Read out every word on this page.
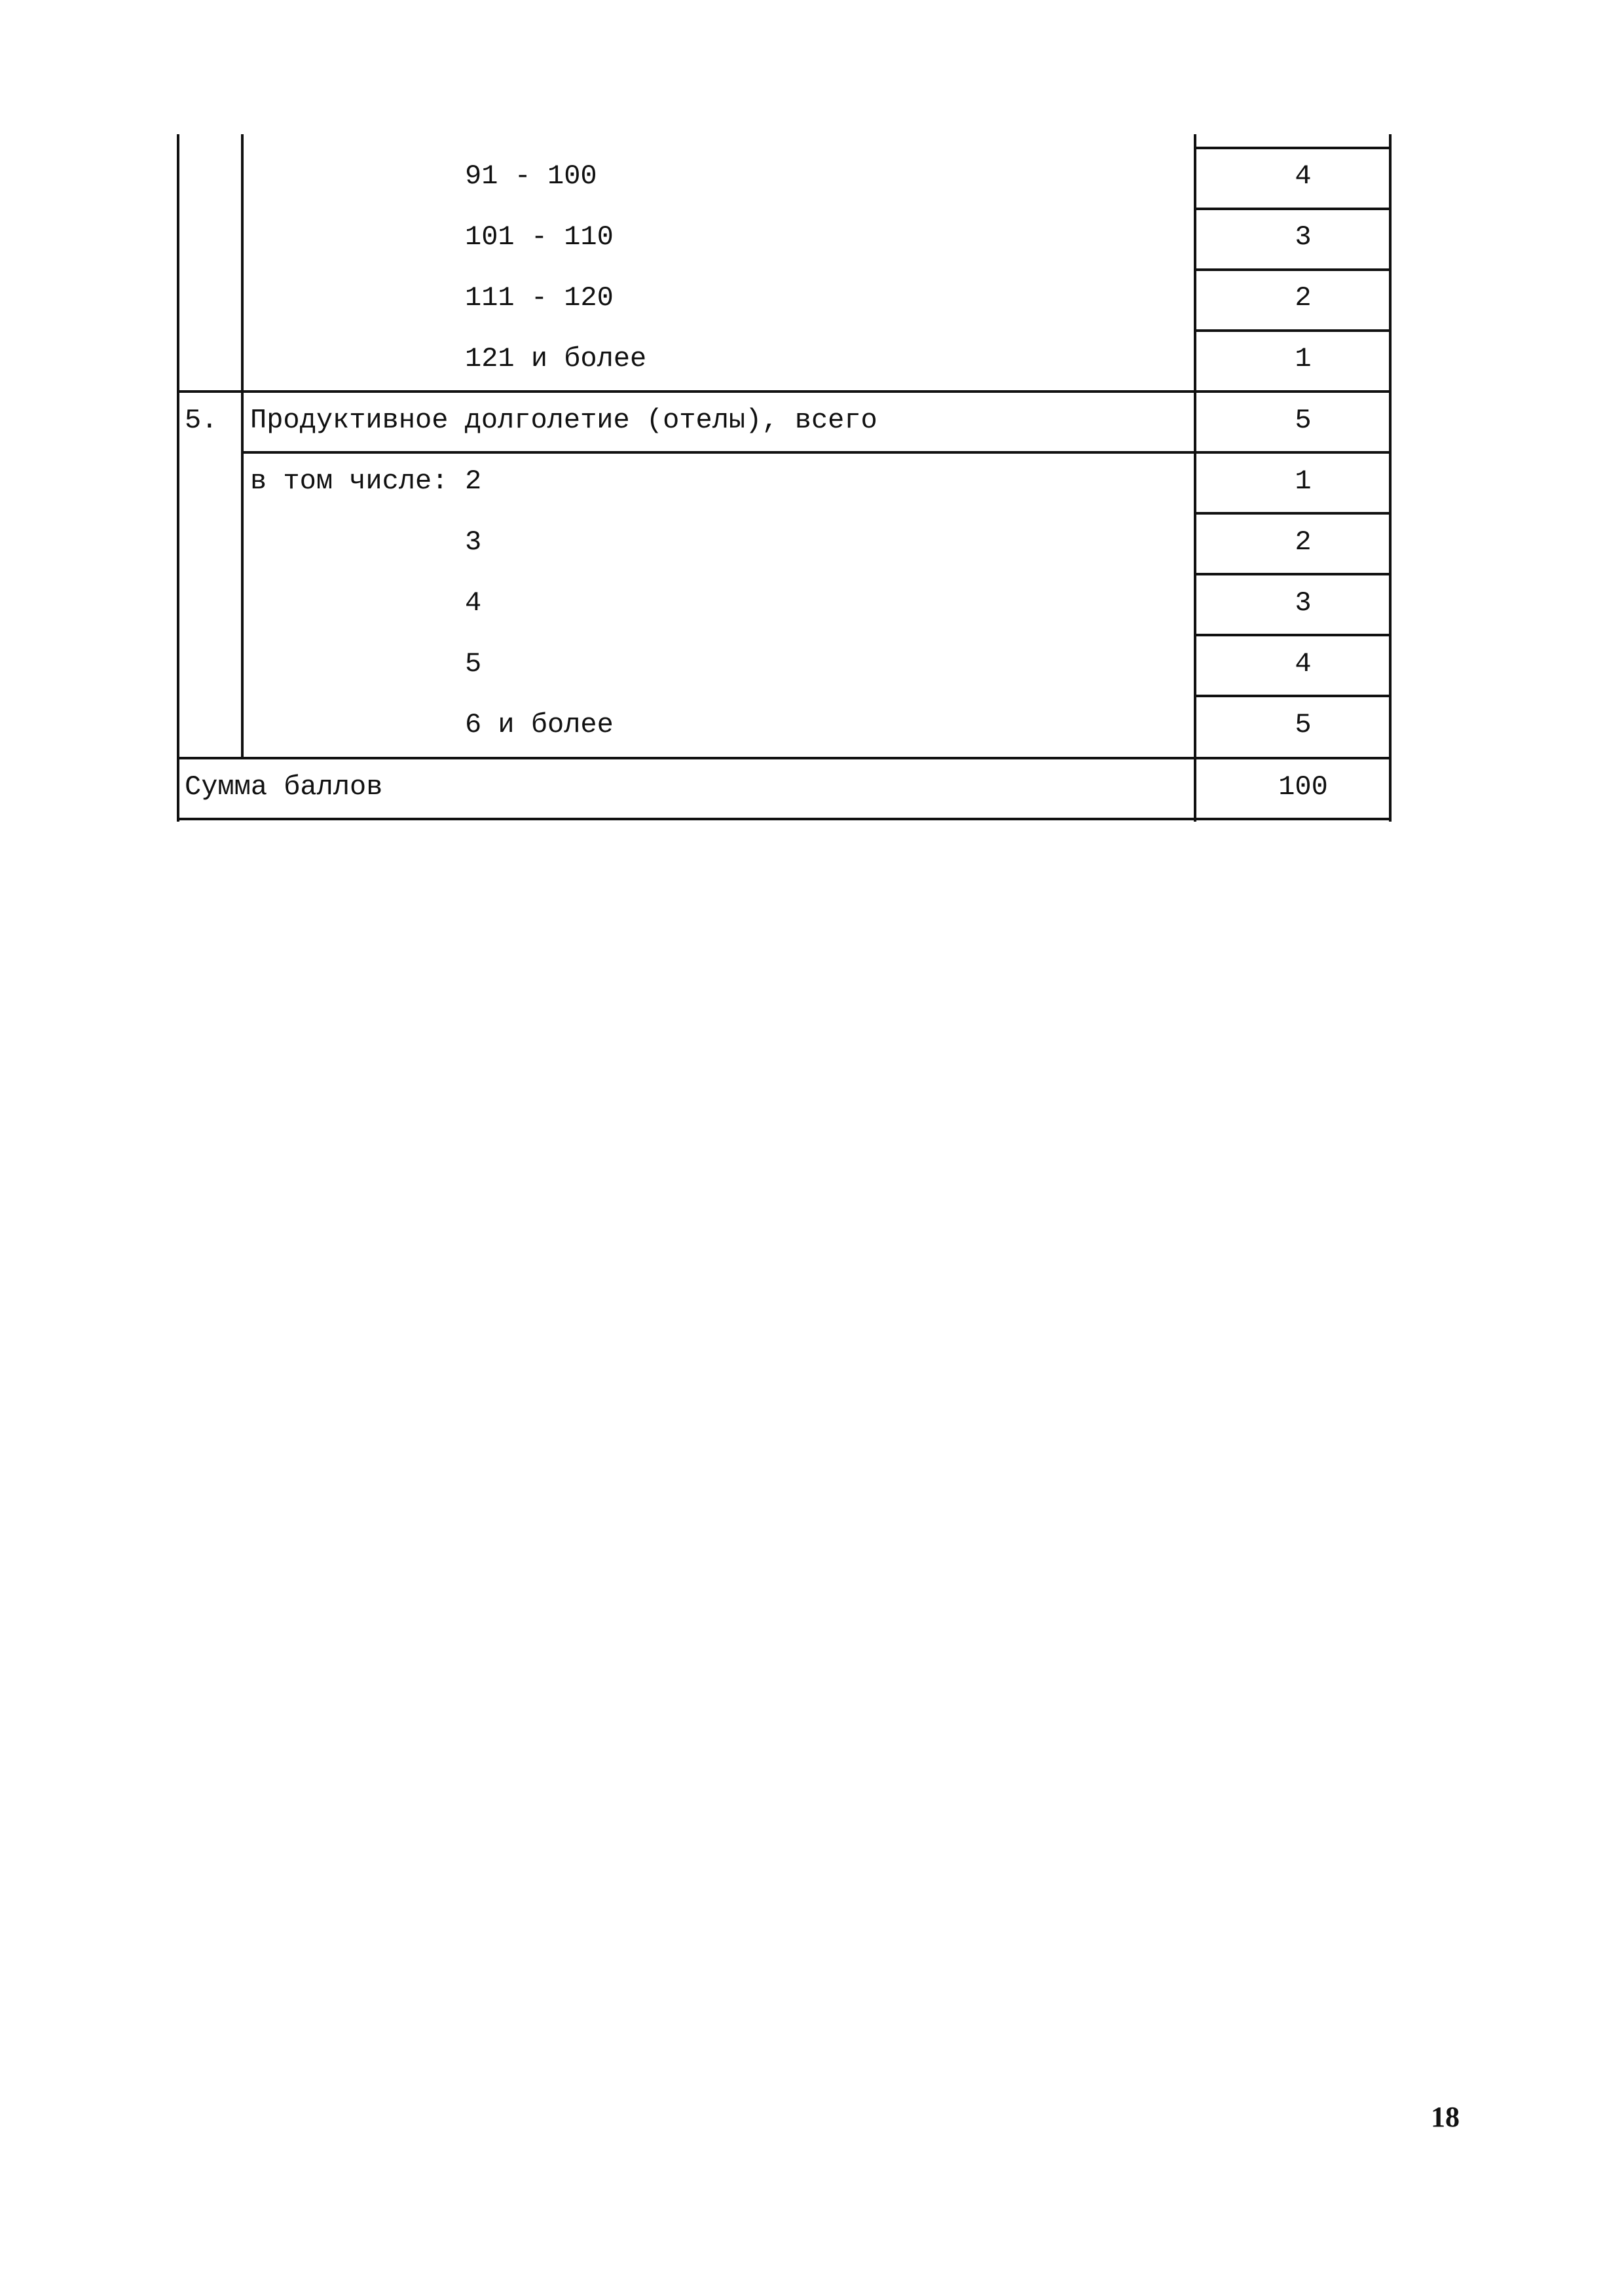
91 - 100	4
101 - 110	3
111 - 120	2
121 и более	1
5. Продуктивное долголетие (отелы), всего	5
в том числе: 2	1
3	2
4	3
5	4
6 и более	5
Сумма баллов	100
18
